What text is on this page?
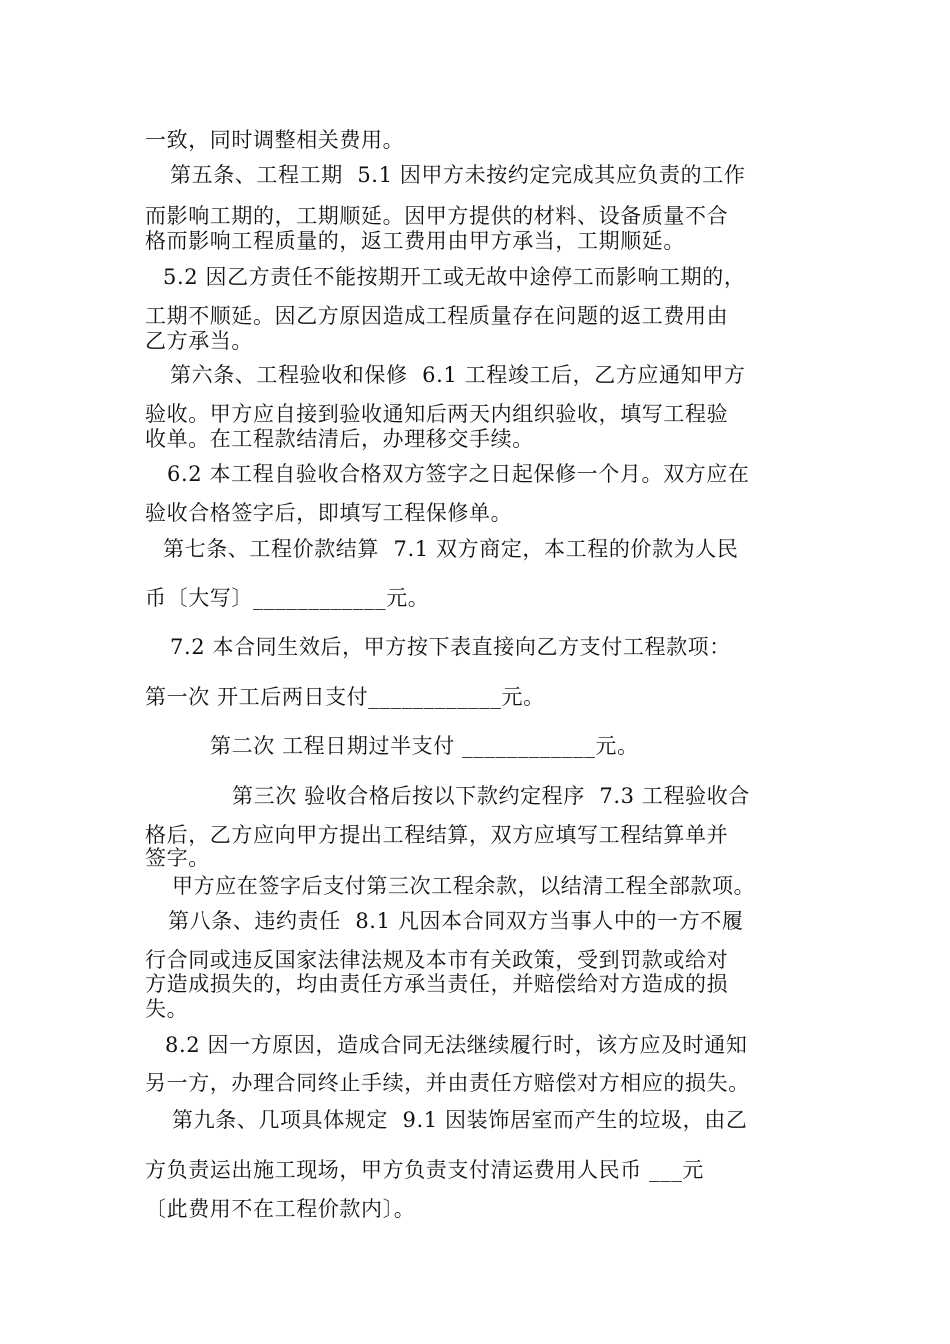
一致，同时调整相关费用。
第五条、工程工期  5.1 因甲方未按约定完成其应负责的工作
而影响工期的，工期顺延。因甲方提供的材料、设备质量不合
格而影响工程质量的，返工费用由甲方承当，工期顺延。
5.2 因乙方责任不能按期开工或无故中途停工而影响工期的，
工期不顺延。因乙方原因造成工程质量存在问题的返工费用由
乙方承当。
第六条、工程验收和保修  6.1 工程竣工后，乙方应通知甲方
验收。甲方应自接到验收通知后两天内组织验收，填写工程验
收单。在工程款结清后，办理移交手续。
6.2 本工程自验收合格双方签字之日起保修一个月。双方应在
验收合格签字后，即填写工程保修单。
第七条、工程价款结算  7.1 双方商定，本工程的价款为人民
币〔大写〕____________元。
7.2 本合同生效后，甲方按下表直接向乙方支付工程款项：
第一次 开工后两日支付____________元。
第二次 工程日期过半支付 ____________元。
第三次 验收合格后按以下款约定程序  7.3 工程验收合
格后，乙方应向甲方提出工程结算，双方应填写工程结算单并
签字。
甲方应在签字后支付第三次工程余款，以结清工程全部款项。
第八条、违约责任  8.1 凡因本合同双方当事人中的一方不履
行合同或违反国家法律法规及本市有关政策，受到罚款或给对
方造成损失的，均由责任方承当责任，并赔偿给对方造成的损
失。
8.2 因一方原因，造成合同无法继续履行时，该方应及时通知
另一方，办理合同终止手续，并由责任方赔偿对方相应的损失。
第九条、几项具体规定  9.1 因装饰居室而产生的垃圾，由乙
方负责运出施工现场，甲方负责支付清运费用人民币 ___元
〔此费用不在工程价款内〕。
